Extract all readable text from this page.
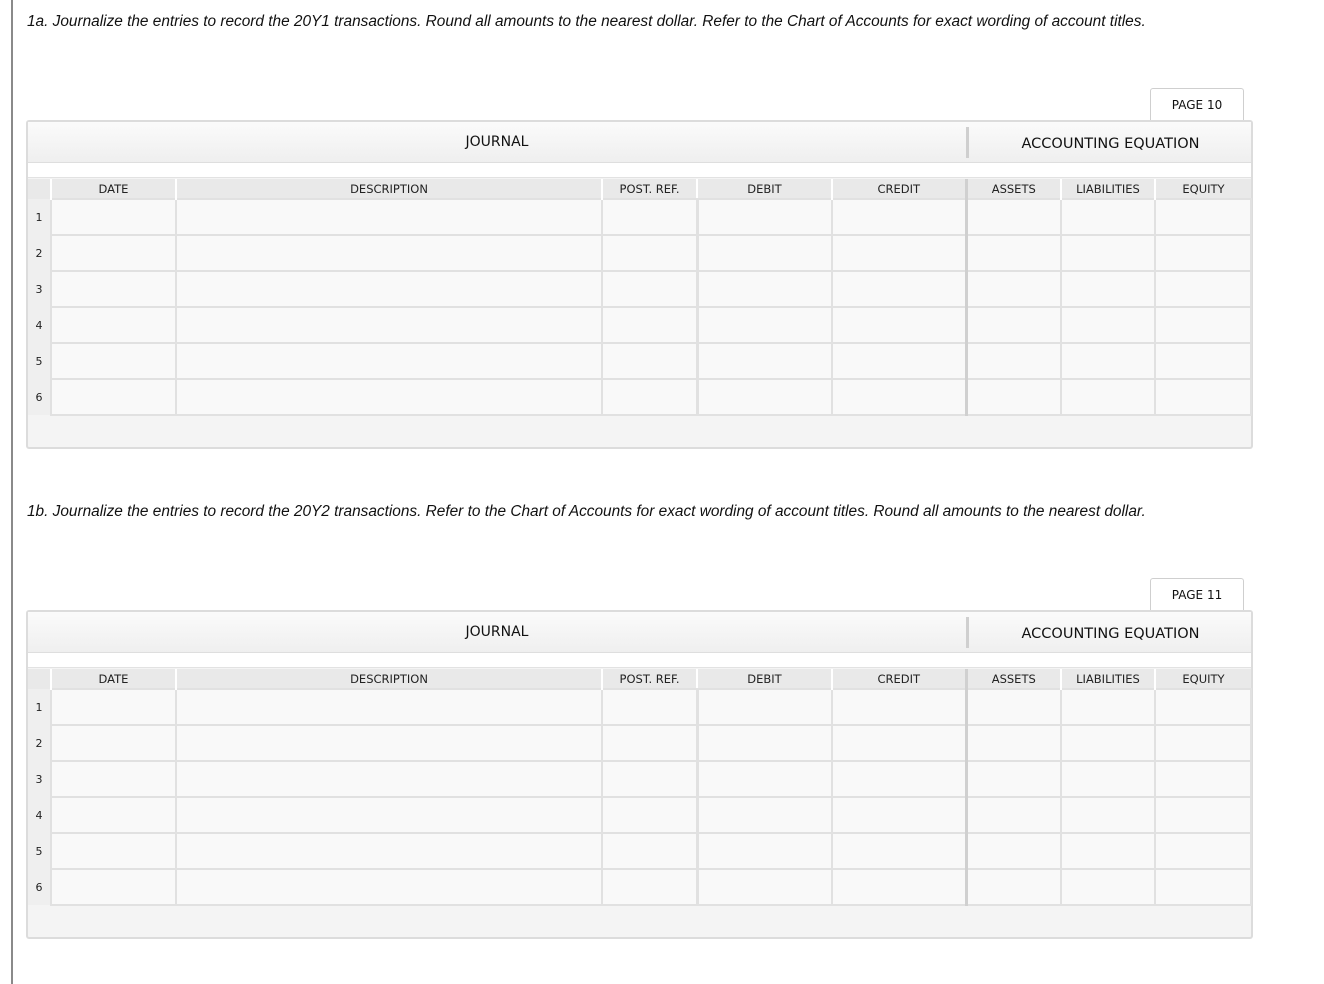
1a. Journalize the entries to record the 20Y1 transactions. Round all amounts to the nearest dollar. Refer to the Chart of Accounts for exact wording of account titles.
PAGE 10
JOURNAL	ACCOUNTING EQUATION
	DATE	DESCRIPTION	POST. REF.	DEBIT	CREDIT	ASSETS	LIABILITIES	EQUITY
1								
2								
3								
4								
5								
6								
1b. Journalize the entries to record the 20Y2 transactions. Refer to the Chart of Accounts for exact wording of account titles. Round all amounts to the nearest dollar.
PAGE 11
JOURNAL	ACCOUNTING EQUATION
	DATE	DESCRIPTION	POST. REF.	DEBIT	CREDIT	ASSETS	LIABILITIES	EQUITY
1								
2								
3								
4								
5								
6								
